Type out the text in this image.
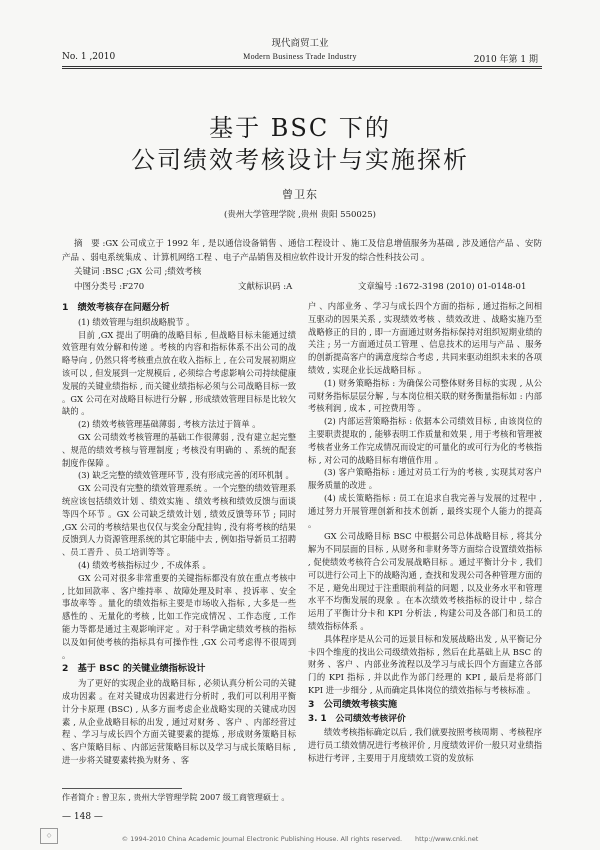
现代商贸工业
No. 1 ,2010	Modern Business Trade Industry	2010 年第 1 期
基于 BSC 下的
公司绩效考核设计与实施探析
曾卫东
(贵州大学管理学院 ,贵州 贵阳 550025)
摘　要 :GX 公司成立于 1992 年 , 是以通信设备销售 、通信工程设计 、施工及信息增值服务为基础 , 涉及通信产品 、安防产品 、弱电系统集成 、计算机网络工程 、电子产品销售及相应软件设计开发的综合性科技公司 。
关键词 :BSC ;GX 公司 ;绩效考核
中图分类号 :F270	文献标识码 :A	文章编号 :1672-3198 (2010) 01-0148-01
1　绩效考核存在问题分析

(1) 绩效管理与组织战略脱节 。

目前 ,GX 提出了明确的战略目标 , 但战略目标未能通过绩效管理有效分解和传递 。考核的内容和指标体系不出公司的战略导向 , 仍然只将考核重点放在收入指标上 , 在公司发展初期应该可以 , 但发展到一定规模后 , 必须综合考虑影响公司持续健康发展的关键业绩指标 , 而关键业绩指标必须与公司战略目标一致 。GX 公司在对战略目标进行分解 , 形成绩效管理目标是比较欠缺的 。

(2) 绩效考核管理基础薄弱 , 考核方法过于简单 。

GX 公司绩效考核管理的基础工作很薄弱 , 没有建立起完整 、规范的绩效考核与管理制度 ; 考核没有明确的 、系统的配套制度作保障 。

(3) 缺乏完整的绩效管理环节 , 没有形成完善的闭环机制 。

GX 公司没有完整的绩效管理系统 。一个完整的绩效管理系统应该包括绩效计划 、绩效实施 、绩效考核和绩效反馈与面谈等四个环节 。GX 公司缺乏绩效计划 , 绩效反馈等环节 ; 同时 ,GX 公司的考核结果也仅仅与奖金分配挂钩 , 没有将考核的结果反馈到人力资源管理系统的其它职能中去 , 例如指导新员工招聘 、员工晋升 、员工培训等等 。

(4) 绩效考核指标过少 , 不成体系 。

GX 公司对很多非常重要的关键指标都没有放在重点考核中 , 比如回款率 、客户维持率 、故障处理及时率 、投诉率 、安全事故率等 。量化的绩效指标主要是市场收入指标 , 大多是一些感性的 、无量化的考核 , 比如工作完成情况 、工作态度 , 工作能力等都是通过主观影响评定 。对于科学确定绩效考核的指标以及如何使考核的指标具有可操作性 ,GX 公司考虑得不很周到 。

2　基于 BSC 的关键业绩指标设计

为了更好的实现企业的战略目标 , 必须认真分析公司的关键成功因素 。在对关键成功因素进行分析时 , 我们可以利用平衡计分卡原理 (BSC) , 从多方面考虑企业战略实现的关键成功因素 , 从企业战略目标的出发 , 通过对财务 、客户 、内部经营过程 、学习与成长四个方面关键要素的提炼 , 形成财务策略目标 、客户策略目标 、内部运营策略目标以及学习与成长策略目标 , 进一步将关键要素转换为财务 、客

户 、内部业务 、学习与成长四个方面的指标 , 通过指标之间相互驱动的因果关系 , 实现绩效考核 、绩效改进 、战略实施乃至战略修正的目的 , 即一方面通过财务指标保持对组织短期业绩的关注 ; 另一方面通过员工管理 、信息技术的运用与产品 、服务的创新提高客户的满意度综合考虑 , 共同来驱动组织未来的各项绩效 , 实现企业长远战略目标 。

(1) 财务策略指标 : 为确保公司整体财务目标的实现 , 从公司财务指标层层分解 , 与本岗位相关联的财务衡量指标如 : 内部考核利润 , 成本 , 可控费用等 。

(2) 内部运营策略指标 : 依据本公司绩效目标 , 由该岗位的主要职责提取的 , 能够表明工作质量和效果 , 用于考核和管理被考核者业务工作完成情况而设定的可量化的或可行为化的考核指标 , 对公司的战略目标有增值作用 。

(3) 客户策略指标 : 通过对员工行为的考核 , 实现其对客户服务质量的改进 。

(4) 成长策略指标 : 员工在追求自我完善与发展的过程中 , 通过努力开展管理创新和技术创新 , 最终实现个人能力的提高 。

GX 公司战略目标 BSC 中根据公司总体战略目标 , 将其分解为不同层面的目标 , 从财务和非财务等方面综合设置绩效指标 , 促使绩效考核符合公司发展战略目标 。通过平衡计分卡 , 我们可以进行公司上下的战略沟通 , 查找和发现公司各种管理方面的不足 , 避免出现过于注重眼前利益的问题 , 以及业务水平和管理水平不均衡发展的现象 。在本次绩效考核指标的设计中 , 综合运用了平衡计分卡和 KPI 分析法 , 构建公司及各部门和员工的绩效指标体系 。

具体程序是从公司的远景目标和发展战略出发 , 从平衡记分卡四个维度的找出公司级绩效指标 , 然后在此基础上从 BSC 的财务 、客户 、内部业务流程以及学习与成长四个方面建立各部门的 KPI 指标 , 并以此作为部门经理的 KPI , 最后是将部门 KPI 进一步细分 , 从而确定具体岗位的绩效指标与考核标准 。

3　公司绩效考核实施
3. 1　公司绩效考核评价

绩效考核指标确定以后 , 我们就要按照考核周期 、考核程序进行员工绩效情况进行考核评价 , 月度绩效评价一般只对业绩指标进行考评 , 主要用于月度绩效工资的发放标

作者简介 : 曾卫东 , 贵州大学管理学院 2007 级工商管理硕士 。
— 148 —
◇	© 1994-2010 China Academic Journal Electronic Publishing House. All rights reserved.　　http://www.cnki.net
